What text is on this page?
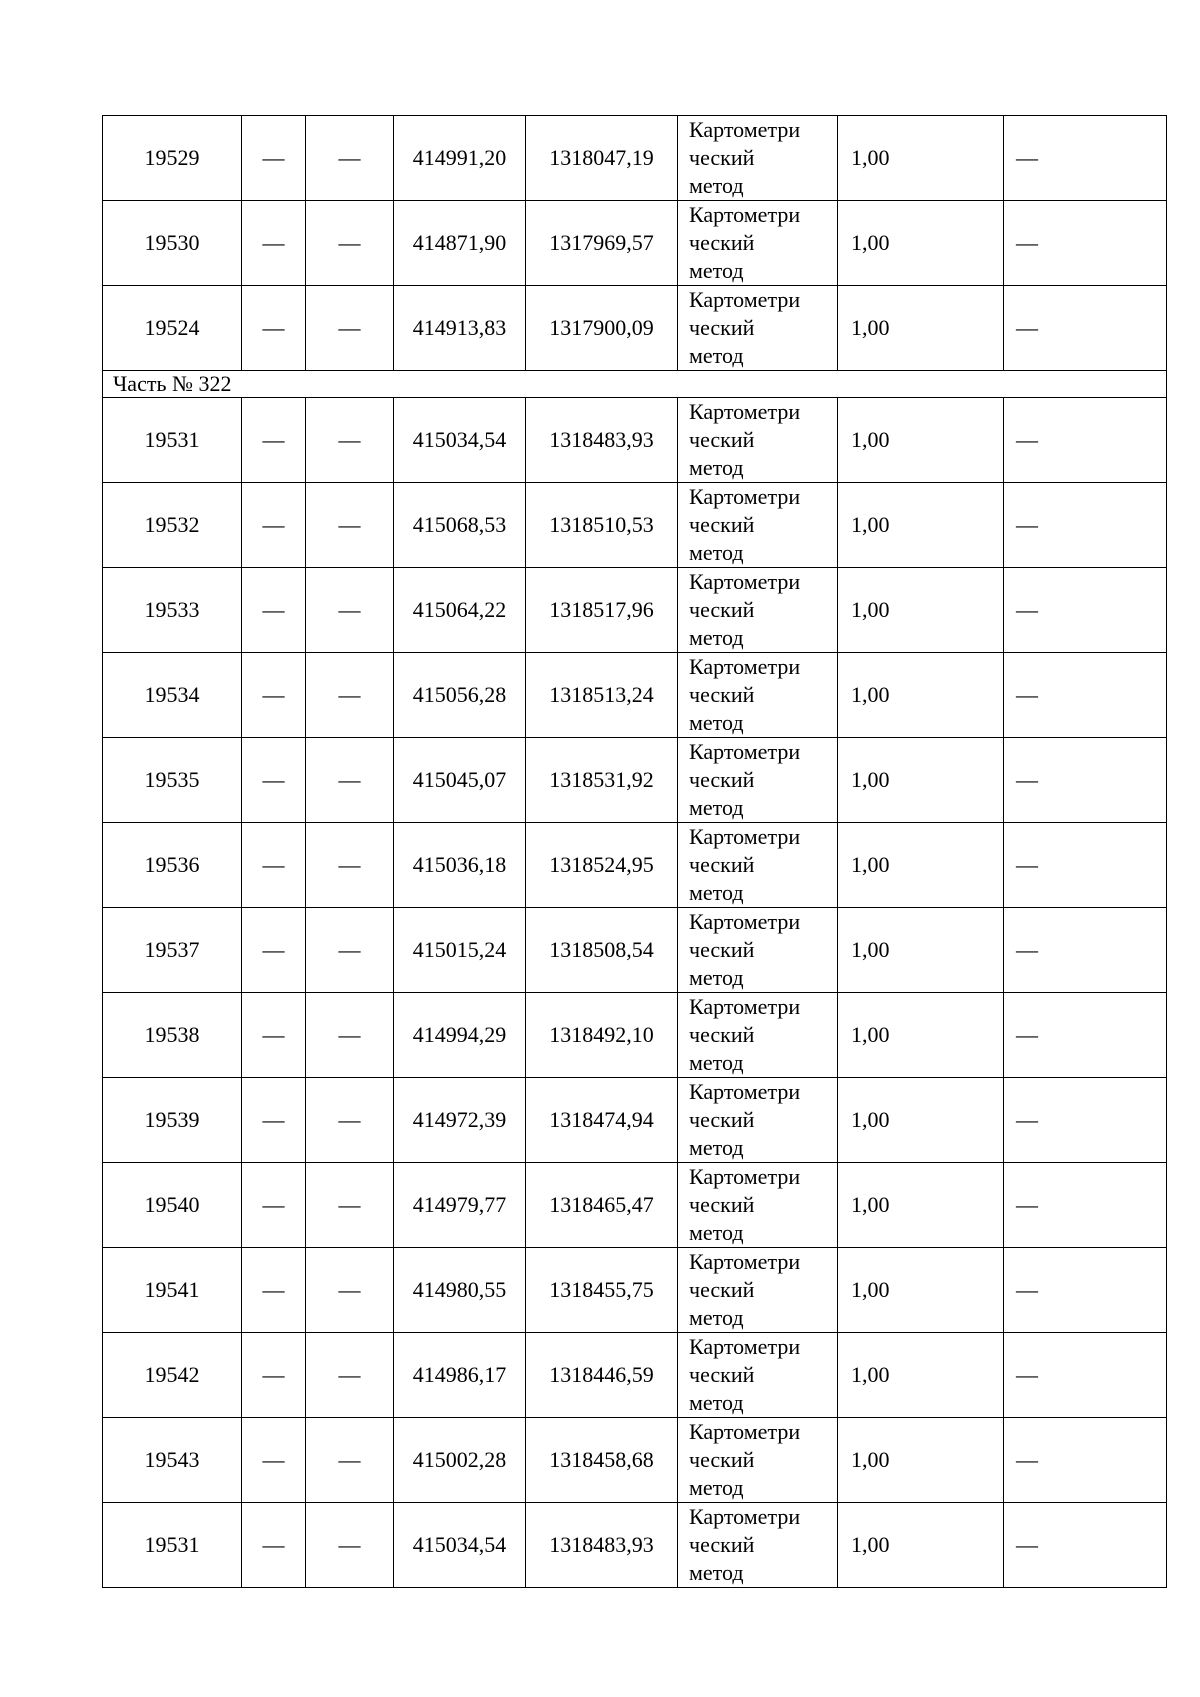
19529	—	—	414991,20	1318047,19	Картометри
ческий
метод	1,00	—
19530	—	—	414871,90	1317969,57	Картометри
ческий
метод	1,00	—
19524	—	—	414913,83	1317900,09	Картометри
ческий
метод	1,00	—
Часть № 322							
19531	—	—	415034,54	1318483,93	Картометри
ческий
метод	1,00	—
19532	—	—	415068,53	1318510,53	Картометри
ческий
метод	1,00	—
19533	—	—	415064,22	1318517,96	Картометри
ческий
метод	1,00	—
19534	—	—	415056,28	1318513,24	Картометри
ческий
метод	1,00	—
19535	—	—	415045,07	1318531,92	Картометри
ческий
метод	1,00	—
19536	—	—	415036,18	1318524,95	Картометри
ческий
метод	1,00	—
19537	—	—	415015,24	1318508,54	Картометри
ческий
метод	1,00	—
19538	—	—	414994,29	1318492,10	Картометри
ческий
метод	1,00	—
19539	—	—	414972,39	1318474,94	Картометри
ческий
метод	1,00	—
19540	—	—	414979,77	1318465,47	Картометри
ческий
метод	1,00	—
19541	—	—	414980,55	1318455,75	Картометри
ческий
метод	1,00	—
19542	—	—	414986,17	1318446,59	Картометри
ческий
метод	1,00	—
19543	—	—	415002,28	1318458,68	Картометри
ческий
метод	1,00	—
19531	—	—	415034,54	1318483,93	Картометри
ческий
метод	1,00	—
